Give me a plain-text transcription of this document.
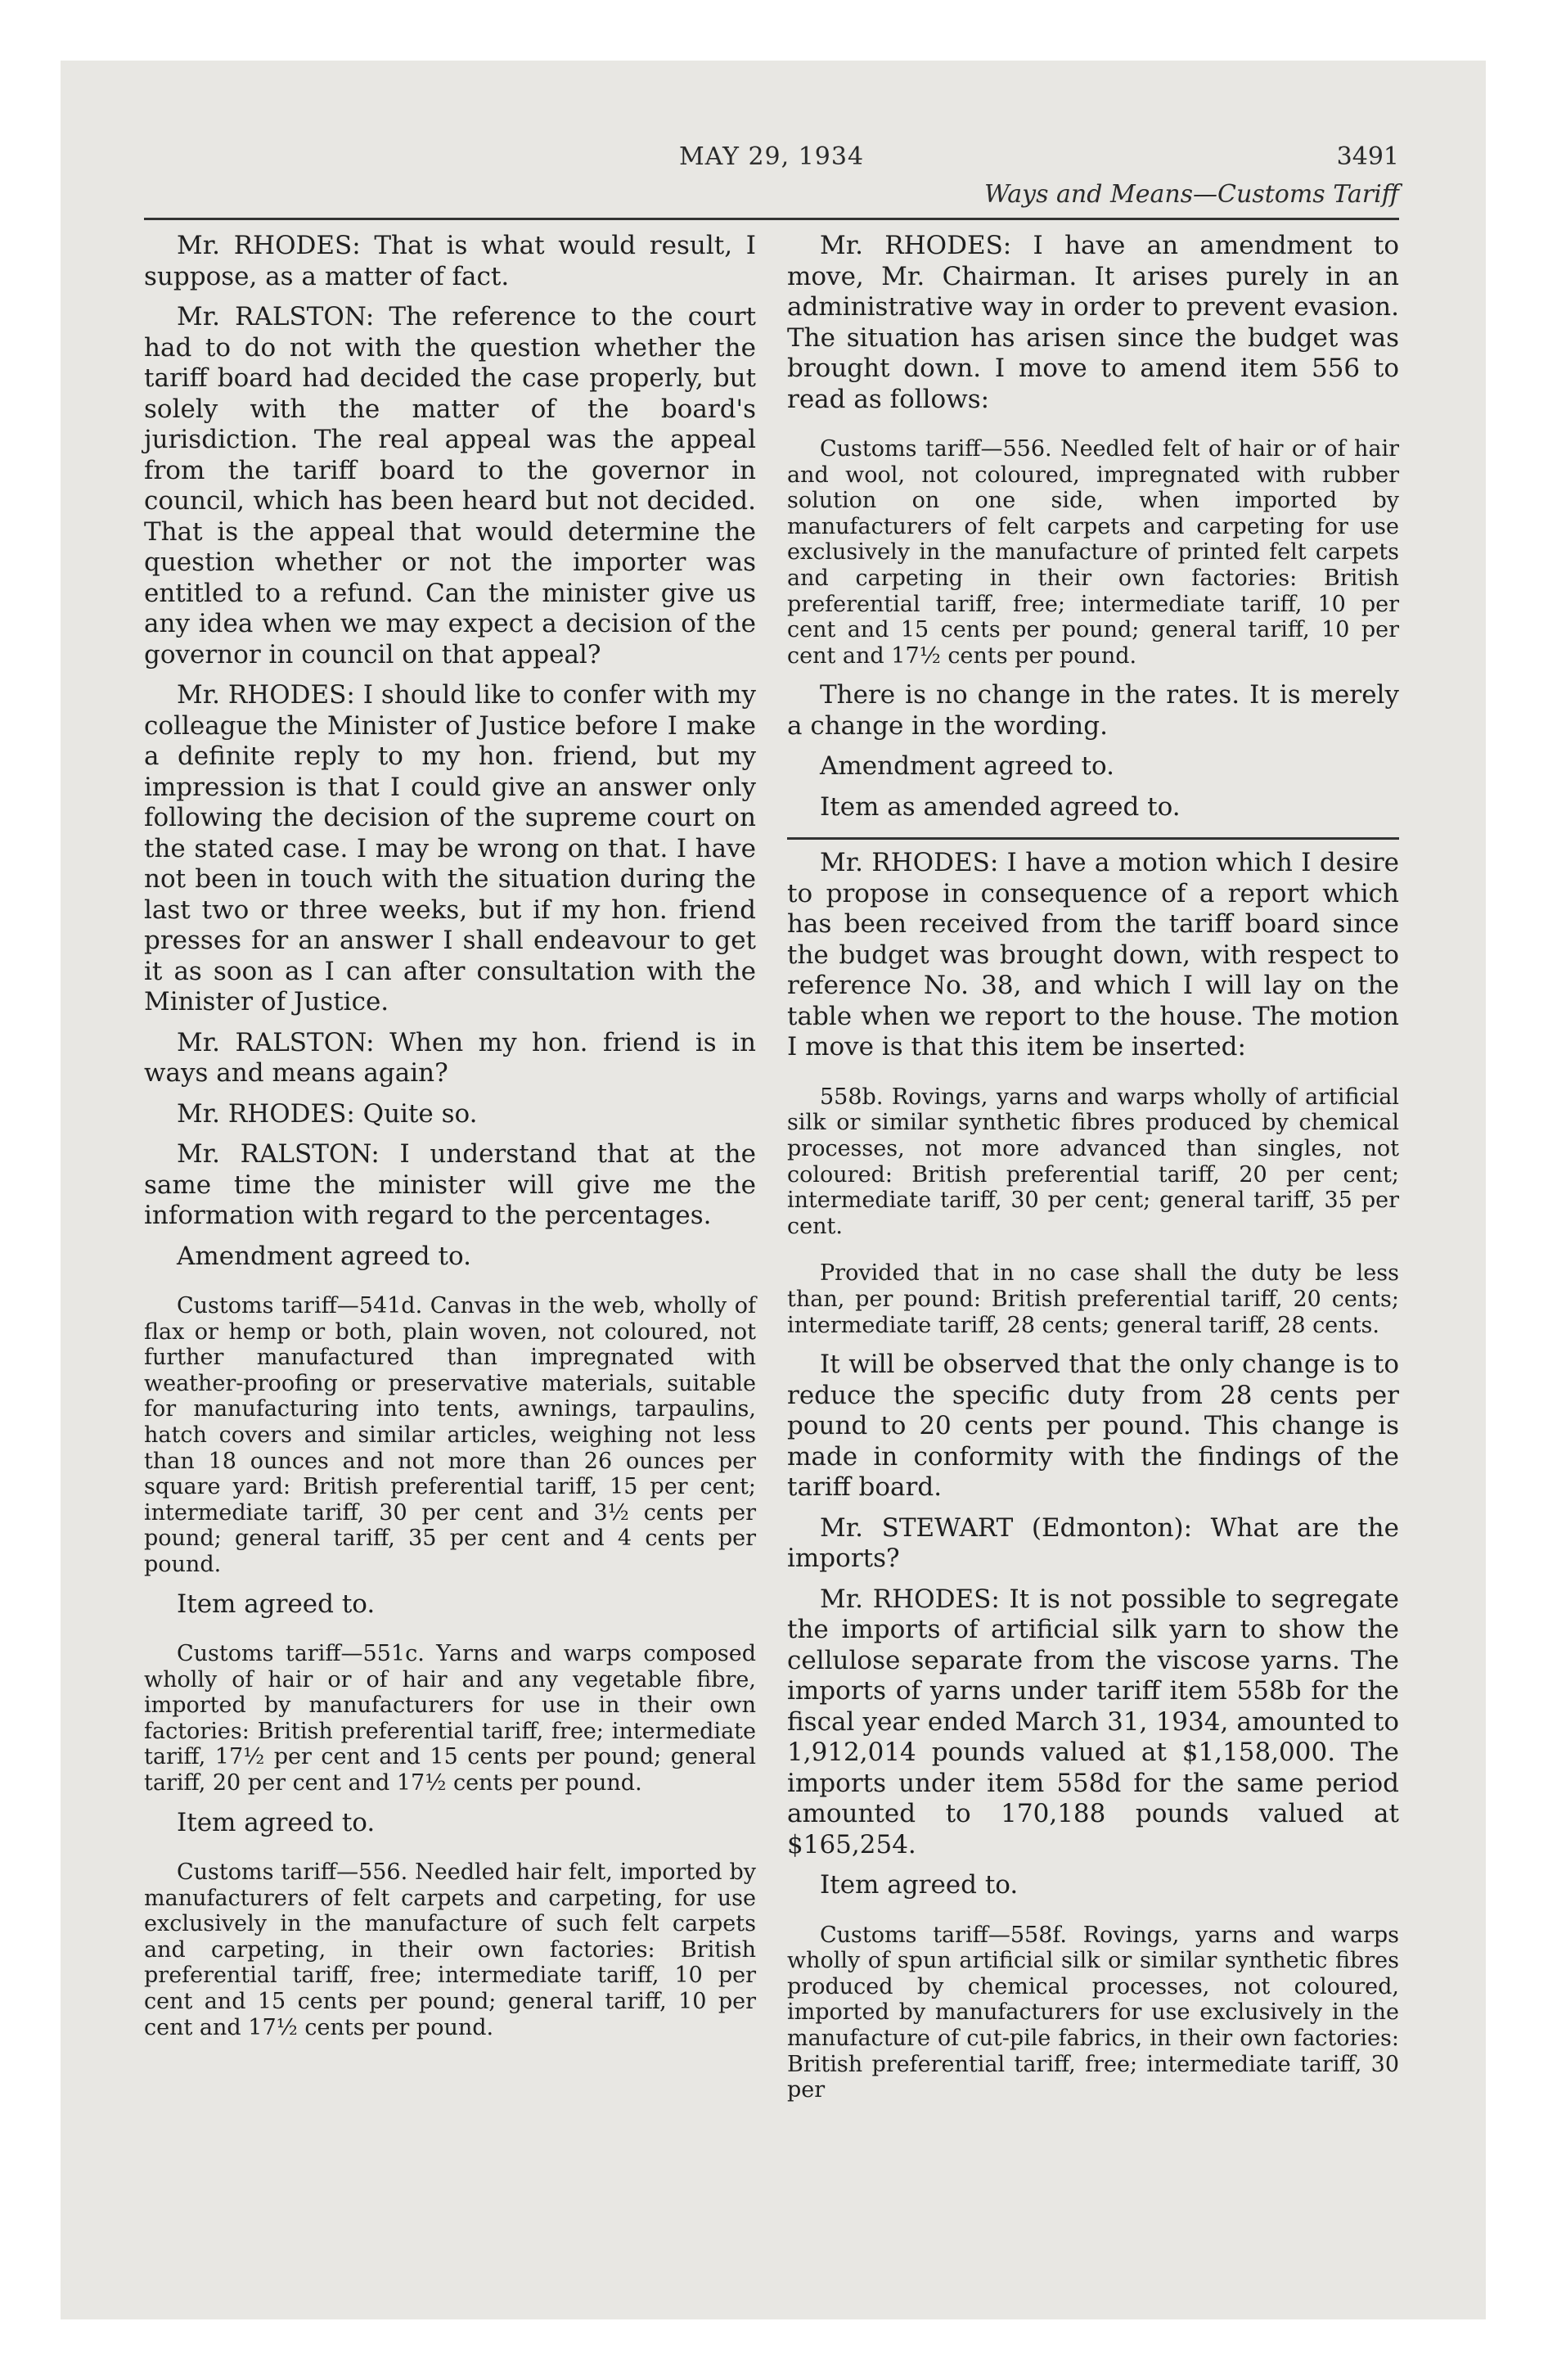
MAY 29, 1934	3491
Ways and Means—Customs Tariff

Mr. RHODES: That is what would result, I suppose, as a matter of fact.

Mr. RALSTON: The reference to the court had to do not with the question whether the tariff board had decided the case properly, but solely with the matter of the board's jurisdiction. The real appeal was the appeal from the tariff board to the governor in council, which has been heard but not decided. That is the appeal that would determine the question whether or not the importer was entitled to a refund. Can the minister give us any idea when we may expect a decision of the governor in council on that appeal?

Mr. RHODES: I should like to confer with my colleague the Minister of Justice before I make a definite reply to my hon. friend, but my impression is that I could give an answer only following the decision of the supreme court on the stated case. I may be wrong on that. I have not been in touch with the situation during the last two or three weeks, but if my hon. friend presses for an answer I shall endeavour to get it as soon as I can after consultation with the Minister of Justice.

Mr. RALSTON: When my hon. friend is in ways and means again?

Mr. RHODES: Quite so.

Mr. RALSTON: I understand that at the same time the minister will give me the information with regard to the percentages.

Amendment agreed to.

Customs tariff—541d. Canvas in the web, wholly of flax or hemp or both, plain woven, not coloured, not further manufactured than impregnated with weather-proofing or preservative materials, suitable for manufacturing into tents, awnings, tarpaulins, hatch covers and similar articles, weighing not less than 18 ounces and not more than 26 ounces per square yard: British preferential tariff, 15 per cent; intermediate tariff, 30 per cent and 3½ cents per pound; general tariff, 35 per cent and 4 cents per pound.

Item agreed to.

Customs tariff—551c. Yarns and warps composed wholly of hair or of hair and any vegetable fibre, imported by manufacturers for use in their own factories: British preferential tariff, free; intermediate tariff, 17½ per cent and 15 cents per pound; general tariff, 20 per cent and 17½ cents per pound.

Item agreed to.

Customs tariff—556. Needled hair felt, imported by manufacturers of felt carpets and carpeting, for use exclusively in the manufacture of such felt carpets and carpeting, in their own factories: British preferential tariff, free; intermediate tariff, 10 per cent and 15 cents per pound; general tariff, 10 per cent and 17½ cents per pound.

Mr. RHODES: I have an amendment to move, Mr. Chairman. It arises purely in an administrative way in order to prevent evasion. The situation has arisen since the budget was brought down. I move to amend item 556 to read as follows:

Customs tariff—556. Needled felt of hair or of hair and wool, not coloured, impregnated with rubber solution on one side, when imported by manufacturers of felt carpets and carpeting for use exclusively in the manufacture of printed felt carpets and carpeting in their own factories: British preferential tariff, free; intermediate tariff, 10 per cent and 15 cents per pound; general tariff, 10 per cent and 17½ cents per pound.

There is no change in the rates. It is merely a change in the wording.

Amendment agreed to.

Item as amended agreed to.

Mr. RHODES: I have a motion which I desire to propose in consequence of a report which has been received from the tariff board since the budget was brought down, with respect to reference No. 38, and which I will lay on the table when we report to the house. The motion I move is that this item be inserted:

558b. Rovings, yarns and warps wholly of artificial silk or similar synthetic fibres produced by chemical processes, not more advanced than singles, not coloured: British preferential tariff, 20 per cent; intermediate tariff, 30 per cent; general tariff, 35 per cent.

Provided that in no case shall the duty be less than, per pound: British preferential tariff, 20 cents; intermediate tariff, 28 cents; general tariff, 28 cents.

It will be observed that the only change is to reduce the specific duty from 28 cents per pound to 20 cents per pound. This change is made in conformity with the findings of the tariff board.

Mr. STEWART (Edmonton): What are the imports?

Mr. RHODES: It is not possible to segregate the imports of artificial silk yarn to show the cellulose separate from the viscose yarns. The imports of yarns under tariff item 558b for the fiscal year ended March 31, 1934, amounted to 1,912,014 pounds valued at $1,158,000. The imports under item 558d for the same period amounted to 170,188 pounds valued at $165,254.

Item agreed to.

Customs tariff—558f. Rovings, yarns and warps wholly of spun artificial silk or similar synthetic fibres produced by chemical processes, not coloured, imported by manufacturers for use exclusively in the manufacture of cut-pile fabrics, in their own factories: British preferential tariff, free; intermediate tariff, 30 per
